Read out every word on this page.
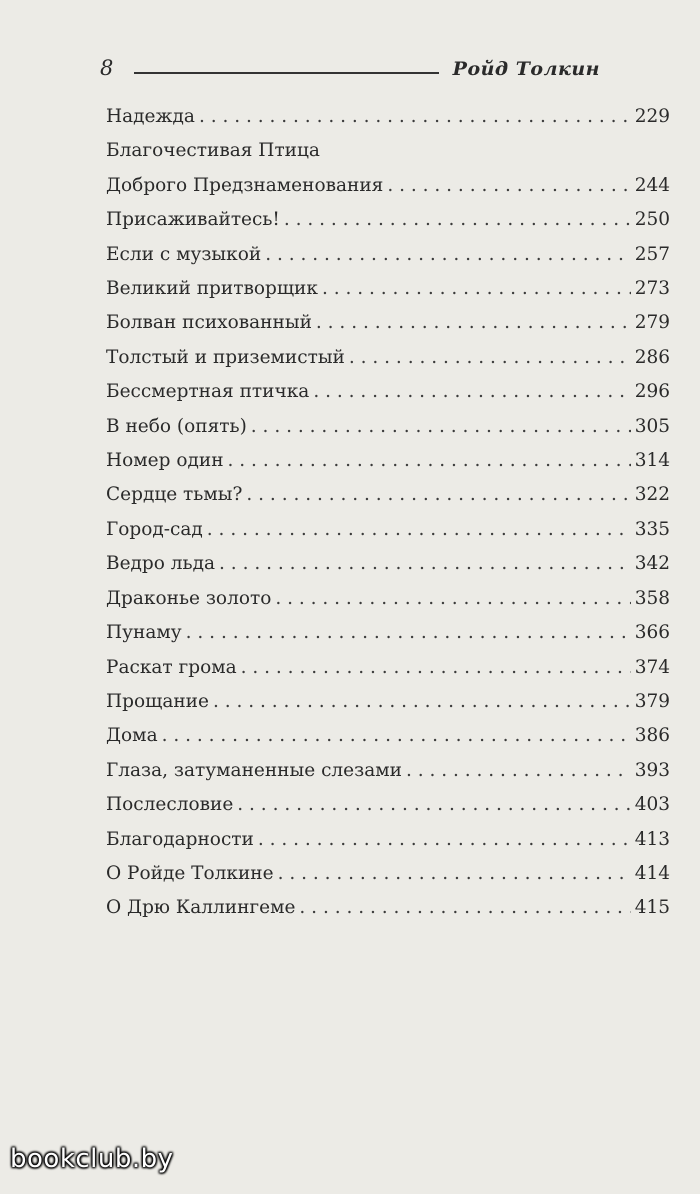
8	Ройд Толкин
Надежда . . .	229
Благочестивая Птица
Доброго Предзнаменования . . .	244
Присаживайтесь! . . .	250
Если с музыкой . . .	257
Великий притворщик . . .	273
Болван психованный . . .	279
Толстый и приземистый . . .	286
Бессмертная птичка . . .	296
В небо (опять) . . .	305
Номер один . . .	314
Сердце тьмы? . . .	322
Город-сад . . .	335
Ведро льда . . .	342
Драконье золото . . .	358
Пунаму . . .	366
Раскат грома . . .	374
Прощание . . .	379
Дома . . .	386
Глаза, затуманенные слезами . . .	393
Послесловие . . .	403
Благодарности . . .	413
О Ройде Толкине . . .	414
О Дрю Каллингеме . . .	415
bookclub.by
